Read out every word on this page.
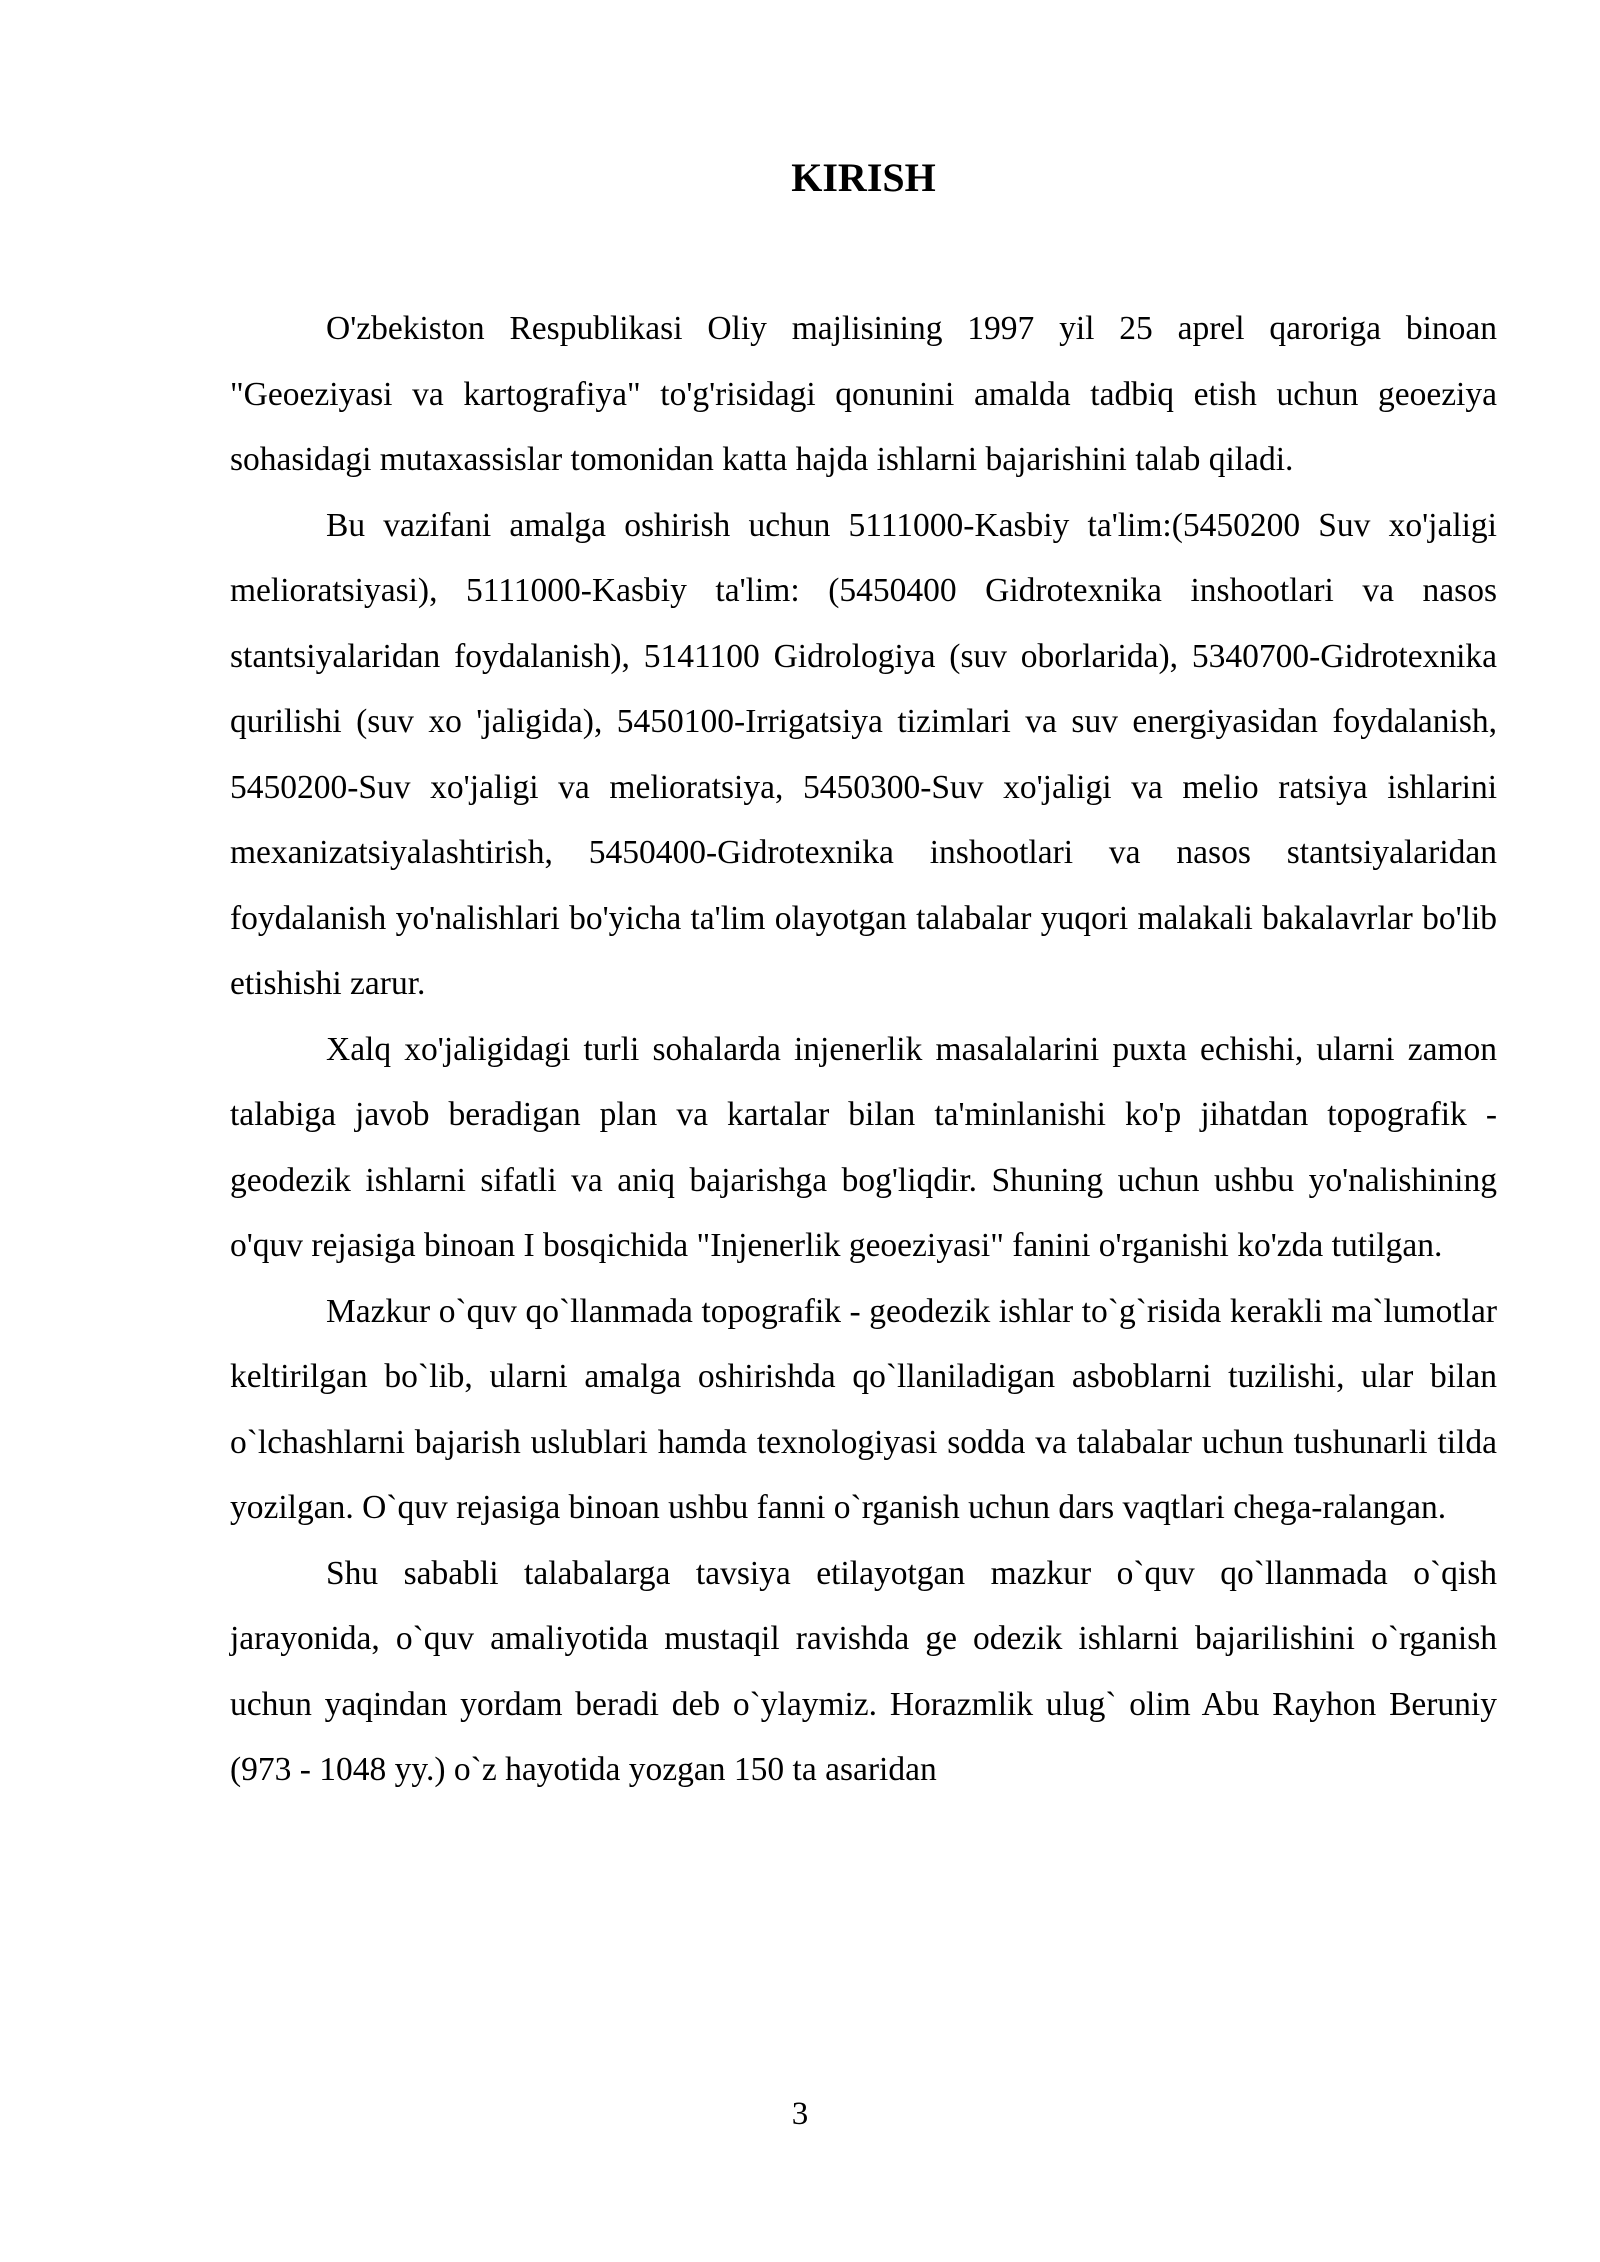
KIRISH

O'zbekiston Respublikasi Oliy majlisining 1997 yil 25 aprel qaroriga binoan "Geoeziyasi va kartografiya" to'g'risidagi qonunini amalda tadbiq etish uchun geoeziya sohasidagi mutaxassislar tomonidan katta hajda ishlarni bajarishini talab qiladi.

Bu vazifani amalga oshirish uchun 5111000-Kasbiy ta'lim:(5450200 Suv xo'jaligi melioratsiyasi), 5111000-Kasbiy ta'lim: (5450400 Gidrotexnika inshootlari va nasos stantsiyalaridan foydalanish), 5141100 Gidrologiya (suv oborlarida), 5340700-Gidrotexnika qurilishi (suv xo 'jaligida), 5450100-Irrigatsiya tizimlari va suv energiyasidan foydalanish, 5450200-Suv xo'jaligi va melioratsiya, 5450300-Suv xo'jaligi va melio ratsiya ishlarini mexanizatsiyalashtirish, 5450400-Gidrotexnika inshootlari va nasos stantsiyalaridan foydalanish yo'nalishlari bo'yicha ta'lim olayotgan talabalar yuqori malakali bakalavrlar bo'lib etishishi zarur.

Xalq xo'jaligidagi turli sohalarda injenerlik masalalarini puxta echishi, ularni zamon talabiga javob beradigan plan va kartalar bilan ta'minlanishi ko'p jihatdan topografik - geodezik ishlarni sifatli va aniq bajarishga bog'liqdir. Shuning uchun ushbu yo'nalishining o'quv rejasiga binoan I bosqichida "Injenerlik geoeziyasi" fanini o'rganishi ko'zda tutilgan.

Mazkur o`quv qo`llanmada topografik - geodezik ishlar to`g`risida kerakli ma`lumotlar keltirilgan bo`lib, ularni amalga oshirishda qo`llaniladigan asboblarni tuzilishi, ular bilan o`lchashlarni bajarish uslublari hamda texnologiyasi sodda va talabalar uchun tushunarli tilda yozilgan. O`quv rejasiga binoan ushbu fanni o`rganish uchun dars vaqtlari chega-ralangan.

Shu sababli talabalarga tavsiya etilayotgan mazkur o`quv qo`llanmada o`qish jarayonida, o`quv amaliyotida mustaqil ravishda ge odezik ishlarni bajarilishini o`rganish uchun yaqindan yordam beradi deb o`ylaymiz. Horazmlik ulug` olim Abu Rayhon Beruniy (973 - 1048 yy.) o`z hayotida yozgan 150 ta asaridan

3
